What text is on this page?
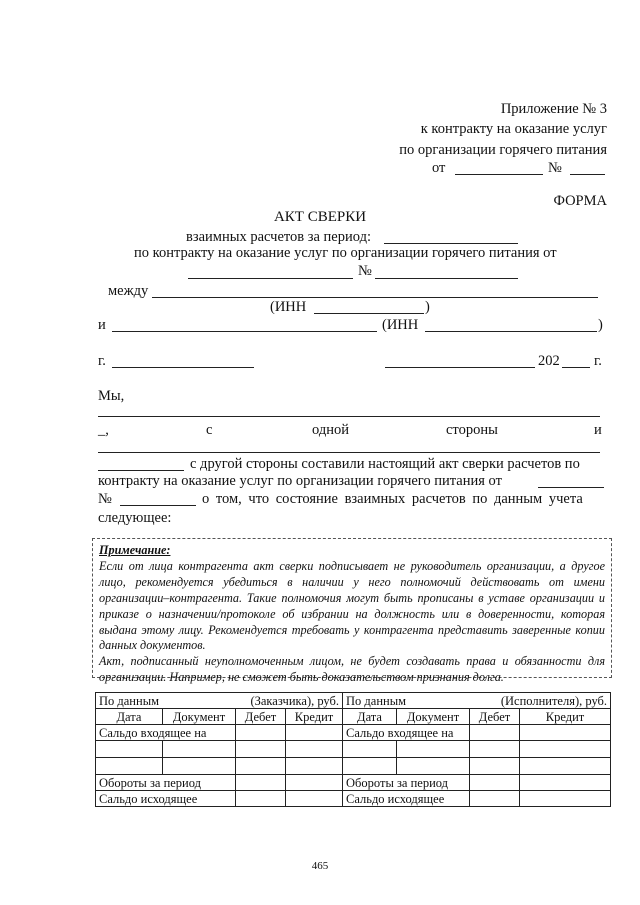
Приложение № 3
к контракту на оказание услуг
по организации горячего питания
от	№
ФОРМА
АКТ СВЕРКИ
взаимных расчетов за период:
по контракту на оказание услуг по организации горячего питания от
№
между
(ИНН	)
и	(ИНН	)
г.	202 г.
Мы,
_,	с	одной	стороны	и
с другой стороны составили настоящий акт сверки расчетов по
контракту на оказание услуг по организации горячего питания от
№	о том, что состояние взаимных расчетов по данным учета
следующее:
Примечание:
Если от лица контрагента акт сверки подписывает не руководитель организации, а другое лицо, рекомендуется убедиться в наличии у него полномочий действовать от имени организации–контрагента. Такие полномочия могут быть прописаны в уставе организации и приказе о назначении/протоколе об избрании на должность или в доверенности, которая выдана этому лицу. Рекомендуется требовать у контрагента представить заверенные копии данных документов.
Акт, подписанный неуполномоченным лицом, не будет создавать права и обязанности для организации. Например, не сможет быть доказательством признания долга.
По данным (Заказчика), руб.				По данным (Исполнителя), руб.			

Дата	Документ	Дебет	Кредит	Дата	Документ	Дебет	Кредит
Сальдо входящее на				Сальдо входящее на			

Обороты за период				Обороты за период			
Сальдо исходящее				Сальдо исходящее			
465
